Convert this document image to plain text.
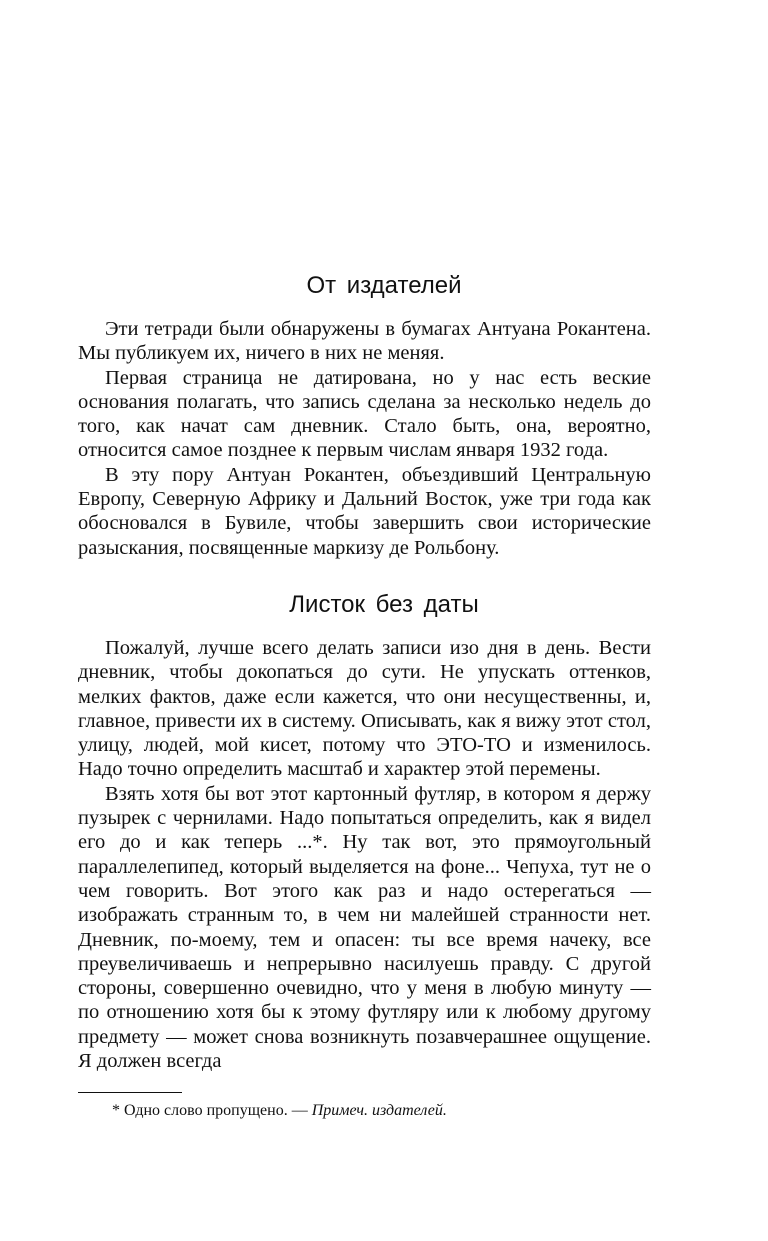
От издателей

Эти тетради были обнаружены в бумагах Антуана Рокантена. Мы публикуем их, ничего в них не меняя.

Первая страница не датирована, но у нас есть веские основания полагать, что запись сделана за несколько недель до того, как начат сам дневник. Стало быть, она, вероятно, относится самое позднее к первым числам января 1932 года.

В эту пору Антуан Рокантен, объездивший Центральную Европу, Северную Африку и Дальний Восток, уже три года как обосновался в Бувиле, чтобы завершить свои исторические разыскания, посвященные маркизу де Рольбону.

Листок без даты

Пожалуй, лучше всего делать записи изо дня в день. Вести дневник, чтобы докопаться до сути. Не упускать оттенков, мелких фактов, даже если кажется, что они несущественны, и, главное, привести их в систему. Описывать, как я вижу этот стол, улицу, людей, мой кисет, потому что ЭТО-ТО и изменилось. Надо точно определить масштаб и характер этой перемены.

Взять хотя бы вот этот картонный футляр, в котором я держу пузырек с чернилами. Надо попытаться определить, как я видел его до и как теперь ...*. Ну так вот, это прямоугольный параллелепипед, который выделяется на фоне... Чепуха, тут не о чем говорить. Вот этого как раз и надо остерегаться — изображать странным то, в чем ни малейшей странности нет. Дневник, по-моему, тем и опасен: ты все время начеку, все преувеличиваешь и непрерывно насилуешь правду. С другой стороны, совершенно очевидно, что у меня в любую минуту — по отношению хотя бы к этому футляру или к любому другому предмету — может снова возникнуть позавчерашнее ощущение. Я должен всегда

* Одно слово пропущено. — Примеч. издателей.
